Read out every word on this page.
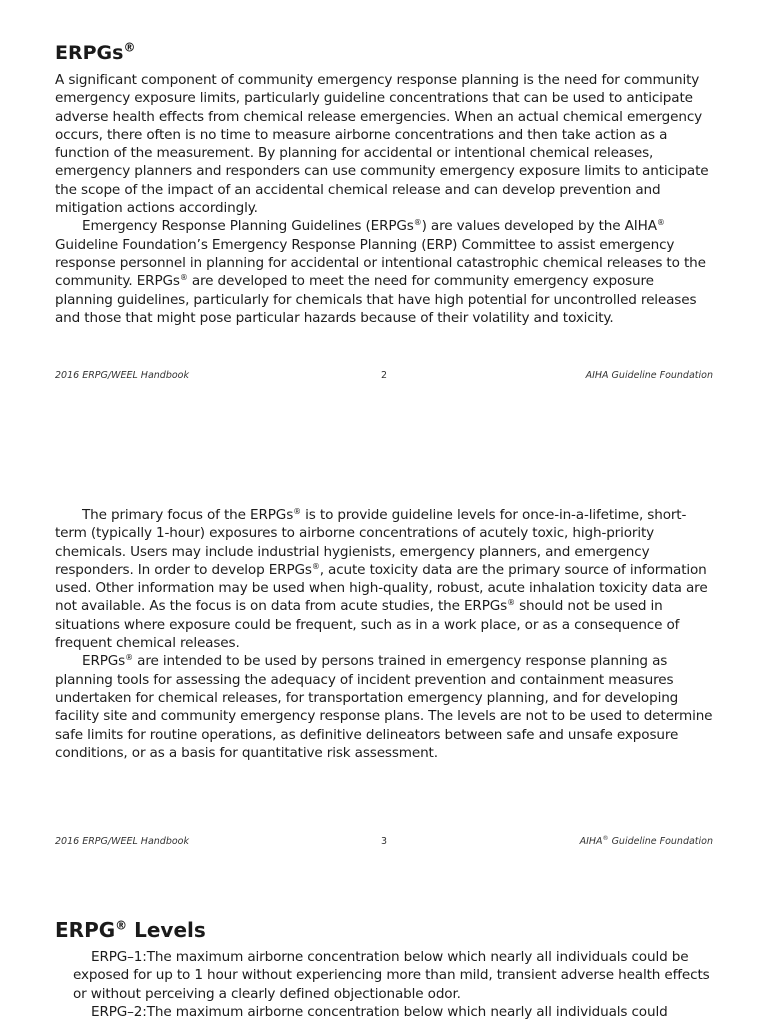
ERPGs®

A significant component of community emergency response planning is the need for community emergency exposure limits, particularly guideline concentrations that can be used to anticipate adverse health effects from chemical release emergencies. When an actual chemical emergency occurs, there often is no time to measure airborne concentrations and then take action as a function of the measurement. By planning for accidental or intentional chemical releases, emergency planners and responders can use community emergency exposure limits to anticipate the scope of the impact of an accidental chemical release and can develop prevention and mitigation actions accordingly.

Emergency Response Planning Guidelines (ERPGs®) are values developed by the AIHA® Guideline Foundation’s Emergency Response Planning (ERP) Committee to assist emergency response personnel in planning for accidental or intentional catastrophic chemical releases to the community. ERPGs® are developed to meet the need for community emergency exposure planning guidelines, particularly for chemicals that have high potential for uncontrolled releases and those that might pose particular hazards because of their volatility and toxicity.

2016 ERPG/WEEL Handbook	2	AIHA Guideline Foundation

The primary focus of the ERPGs® is to provide guideline levels for once-in-a-lifetime, short-term (typically 1-hour) exposures to airborne concentrations of acutely toxic, high-priority chemicals. Users may include industrial hygienists, emergency planners, and emergency responders. In order to develop ERPGs®, acute toxicity data are the primary source of information used. Other information may be used when high-quality, robust, acute inhalation toxicity data are not available. As the focus is on data from acute studies, the ERPGs® should not be used in situations where exposure could be frequent, such as in a work place, or as a consequence of frequent chemical releases.

ERPGs® are intended to be used by persons trained in emergency response planning as planning tools for assessing the adequacy of incident prevention and containment measures undertaken for chemical releases, for transportation emergency planning, and for developing facility site and community emergency response plans. The levels are not to be used to determine safe limits for routine operations, as definitive delineators between safe and unsafe exposure conditions, or as a basis for quantitative risk assessment.

2016 ERPG/WEEL Handbook	3	AIHA® Guideline Foundation
ERPG® Levels

ERPG–1:The maximum airborne concentration below which nearly all individuals could be exposed for up to 1 hour without experiencing more than mild, transient adverse health effects or without perceiving a clearly defined objectionable odor.

ERPG–2:The maximum airborne concentration below which nearly all individuals could
